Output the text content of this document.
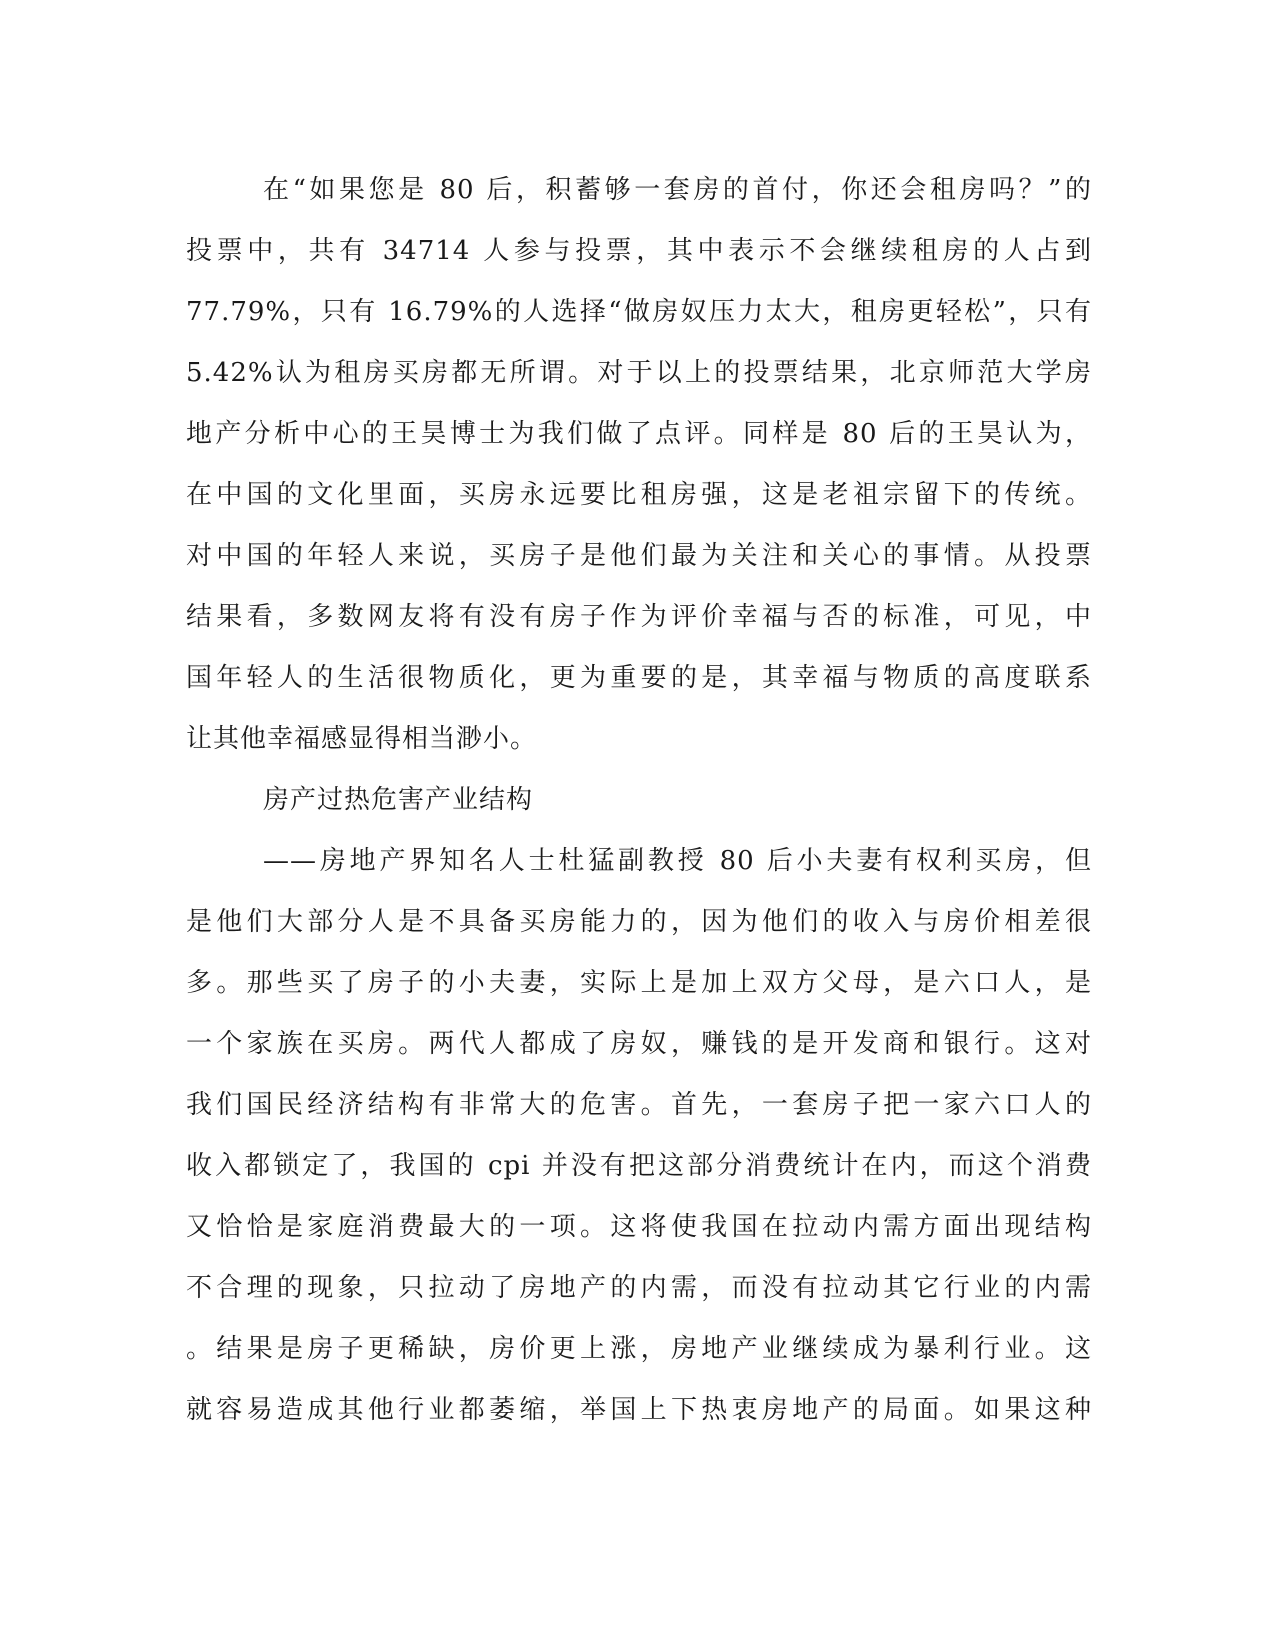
在“如果您是 80 后，积蓄够一套房的首付，你还会租房吗？”的
投票中，共有 34714 人参与投票，其中表示不会继续租房的人占到
77.79%，只有 16.79%的人选择“做房奴压力太大，租房更轻松”，只有
5.42%认为租房买房都无所谓。对于以上的投票结果，北京师范大学房
地产分析中心的王昊博士为我们做了点评。同样是 80 后的王昊认为，
在中国的文化里面，买房永远要比租房强，这是老祖宗留下的传统。
对中国的年轻人来说，买房子是他们最为关注和关心的事情。从投票
结果看，多数网友将有没有房子作为评价幸福与否的标准，可见，中
国年轻人的生活很物质化，更为重要的是，其幸福与物质的高度联系
让其他幸福感显得相当渺小。
房产过热危害产业结构
——房地产界知名人士杜猛副教授 80 后小夫妻有权利买房，但
是他们大部分人是不具备买房能力的，因为他们的收入与房价相差很
多。那些买了房子的小夫妻，实际上是加上双方父母，是六口人，是
一个家族在买房。两代人都成了房奴，赚钱的是开发商和银行。这对
我们国民经济结构有非常大的危害。首先，一套房子把一家六口人的
收入都锁定了，我国的 cpi 并没有把这部分消费统计在内，而这个消费
又恰恰是家庭消费最大的一项。这将使我国在拉动内需方面出现结构
不合理的现象，只拉动了房地产的内需，而没有拉动其它行业的内需
。结果是房子更稀缺，房价更上涨，房地产业继续成为暴利行业。这
就容易造成其他行业都萎缩，举国上下热衷房地产的局面。如果这种
